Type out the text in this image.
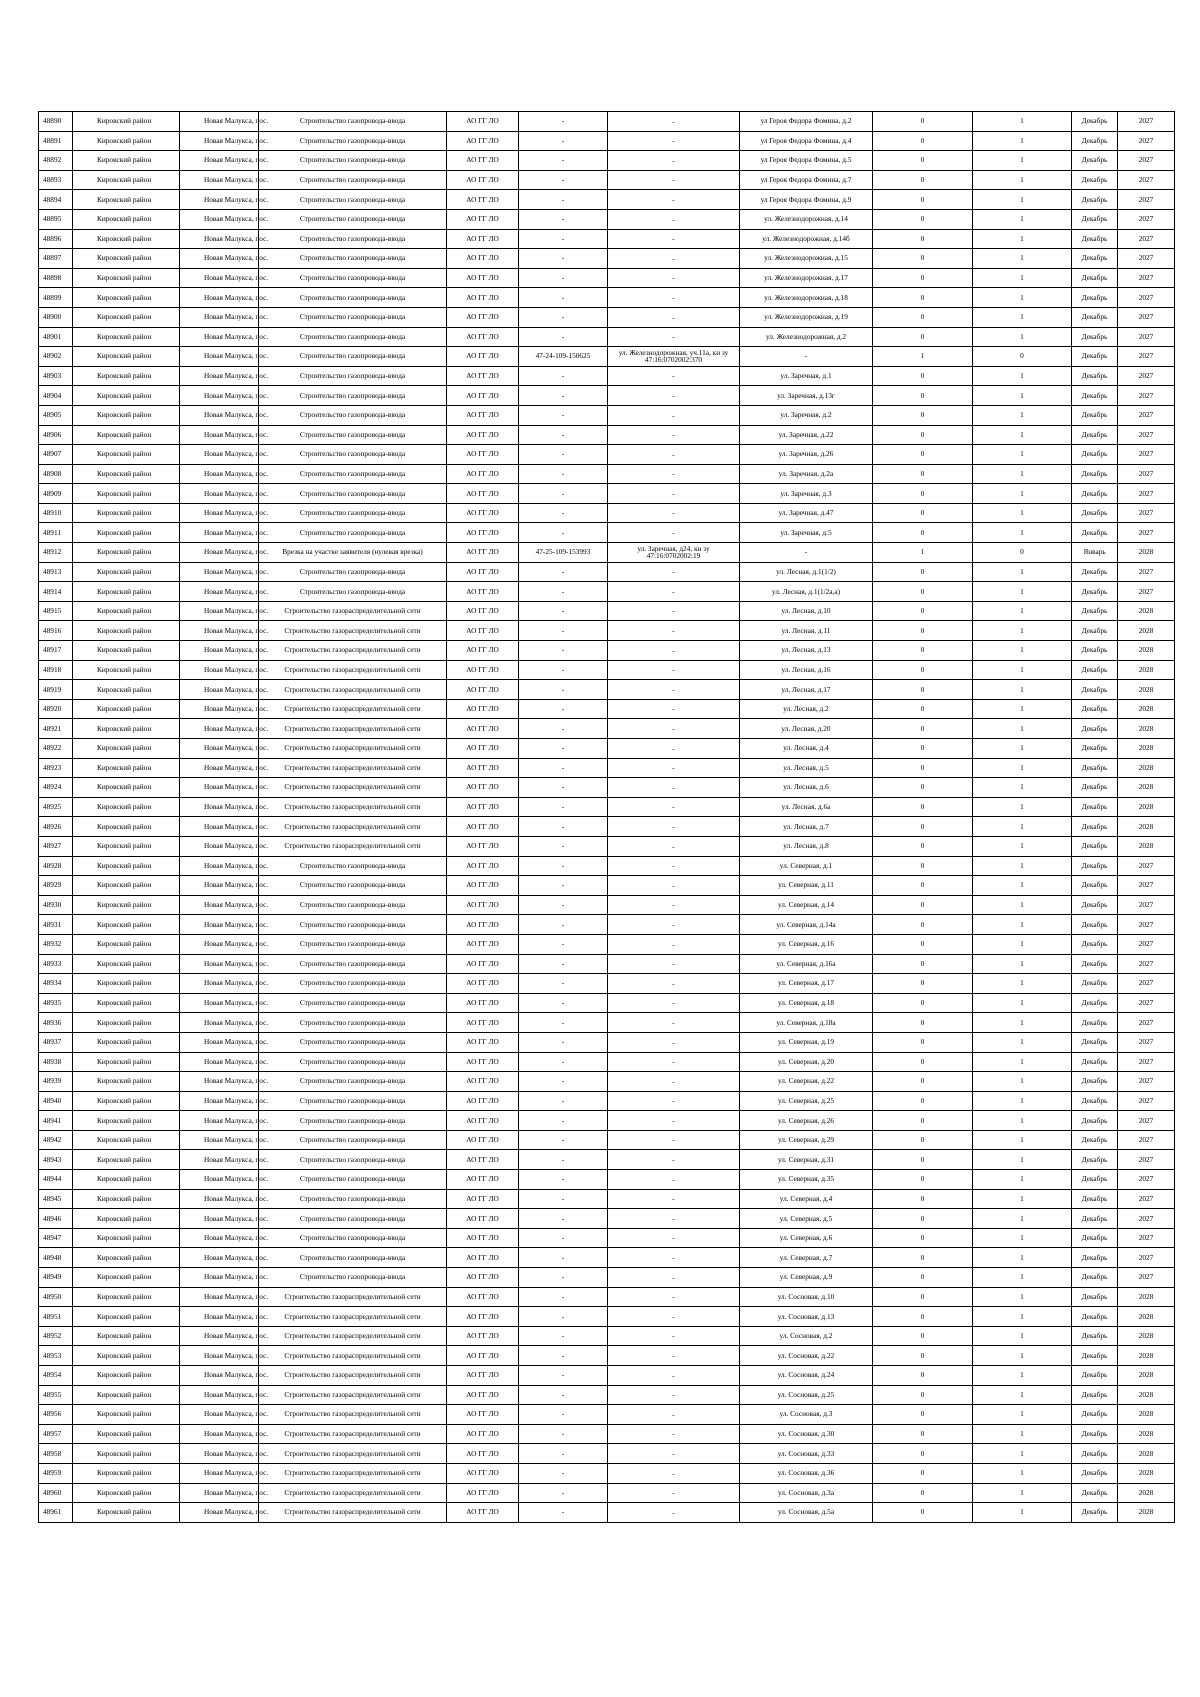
48890	Кировский район	Новая Малукса, пос.	Строительство газопровода-ввода	АО ГГ ЛО	-	-	ул Героя Федора Фомина, д.2	0	1	Декабрь	2027
48891	Кировский район	Новая Малукса, пос.	Строительство газопровода-ввода	АО ГГ ЛО	-	-	ул Героя Федора Фомина, д.4	0	1	Декабрь	2027
48892	Кировский район	Новая Малукса, пос.	Строительство газопровода-ввода	АО ГГ ЛО	-	-	ул Героя Федора Фомина, д.5	0	1	Декабрь	2027
48893	Кировский район	Новая Малукса, пос.	Строительство газопровода-ввода	АО ГГ ЛО	-	-	ул Героя Федора Фомина, д.7	0	1	Декабрь	2027
48894	Кировский район	Новая Малукса, пос.	Строительство газопровода-ввода	АО ГГ ЛО	-	-	ул Героя Федора Фомина, д.9	0	1	Декабрь	2027
48895	Кировский район	Новая Малукса, пос.	Строительство газопровода-ввода	АО ГГ ЛО	-	-	ул. Железнодорожная, д.14	0	1	Декабрь	2027
48896	Кировский район	Новая Малукса, пос.	Строительство газопровода-ввода	АО ГГ ЛО	-	-	ул. Железнодорожная, д.14б	0	1	Декабрь	2027
48897	Кировский район	Новая Малукса, пос.	Строительство газопровода-ввода	АО ГГ ЛО	-	-	ул. Железнодорожная, д.15	0	1	Декабрь	2027
48898	Кировский район	Новая Малукса, пос.	Строительство газопровода-ввода	АО ГГ ЛО	-	-	ул. Железнодорожная, д.17	0	1	Декабрь	2027
48899	Кировский район	Новая Малукса, пос.	Строительство газопровода-ввода	АО ГГ ЛО	-	-	ул. Железнодорожная, д.18	0	1	Декабрь	2027
48900	Кировский район	Новая Малукса, пос.	Строительство газопровода-ввода	АО ГГ ЛО	-	-	ул. Железнодорожная, д.19	0	1	Декабрь	2027
48901	Кировский район	Новая Малукса, пос.	Строительство газопровода-ввода	АО ГГ ЛО	-	-	ул. Железнодорожная, д.2	0	1	Декабрь	2027
48902	Кировский район	Новая Малукса, пос.	Строительство газопровода-ввода	АО ГГ ЛО	47-24-109-150625	ул. Железнодорожная, уч.11а, кн зу 47:16:0702002:370	-	1	0	Декабрь	2027
48903	Кировский район	Новая Малукса, пос.	Строительство газопровода-ввода	АО ГГ ЛО	-	-	ул. Заречная, д.1	0	1	Декабрь	2027
48904	Кировский район	Новая Малукса, пос.	Строительство газопровода-ввода	АО ГГ ЛО	-	-	ул. Заречная, д.13г	0	1	Декабрь	2027
48905	Кировский район	Новая Малукса, пос.	Строительство газопровода-ввода	АО ГГ ЛО	-	-	ул. Заречная, д.2	0	1	Декабрь	2027
48906	Кировский район	Новая Малукса, пос.	Строительство газопровода-ввода	АО ГГ ЛО	-	-	ул. Заречная, д.22	0	1	Декабрь	2027
48907	Кировский район	Новая Малукса, пос.	Строительство газопровода-ввода	АО ГГ ЛО	-	-	ул. Заречная, д.26	0	1	Декабрь	2027
48908	Кировский район	Новая Малукса, пос.	Строительство газопровода-ввода	АО ГГ ЛО	-	-	ул. Заречная, д.2а	0	1	Декабрь	2027
48909	Кировский район	Новая Малукса, пос.	Строительство газопровода-ввода	АО ГГ ЛО	-	-	ул. Заречная, д.3	0	1	Декабрь	2027
48910	Кировский район	Новая Малукса, пос.	Строительство газопровода-ввода	АО ГГ ЛО	-	-	ул. Заречная, д.47	0	1	Декабрь	2027
48911	Кировский район	Новая Малукса, пос.	Строительство газопровода-ввода	АО ГГ ЛО	-	-	ул. Заречная, д.5	0	1	Декабрь	2027
48912	Кировский район	Новая Малукса, пос.	Врезка на участке заявителя (нулевая врезка)	АО ГГ ЛО	47-25-109-153993	ул. Заречная, д24, кн зу 47:16:0702002:19	-	1	0	Январь	2028
48913	Кировский район	Новая Малукса, пос.	Строительство газопровода-ввода	АО ГГ ЛО	-	-	ул. Лесная, д.1(1/2)	0	1	Декабрь	2027
48914	Кировский район	Новая Малукса, пос.	Строительство газопровода-ввода	АО ГГ ЛО	-	-	ул. Лесная, д.1(1/2а,а)	0	1	Декабрь	2027
48915	Кировский район	Новая Малукса, пос.	Строительство газораспределительной сети	АО ГГ ЛО	-	-	ул. Лесная, д.10	0	1	Декабрь	2028
48916	Кировский район	Новая Малукса, пос.	Строительство газораспределительной сети	АО ГГ ЛО	-	-	ул. Лесная, д.11	0	1	Декабрь	2028
48917	Кировский район	Новая Малукса, пос.	Строительство газораспределительной сети	АО ГГ ЛО	-	-	ул. Лесная, д.13	0	1	Декабрь	2028
48918	Кировский район	Новая Малукса, пос.	Строительство газораспределительной сети	АО ГГ ЛО	-	-	ул. Лесная, д.16	0	1	Декабрь	2028
48919	Кировский район	Новая Малукса, пос.	Строительство газораспределительной сети	АО ГГ ЛО	-	-	ул. Лесная, д.17	0	1	Декабрь	2028
48920	Кировский район	Новая Малукса, пос.	Строительство газораспределительной сети	АО ГГ ЛО	-	-	ул. Лесная, д.2	0	1	Декабрь	2028
48921	Кировский район	Новая Малукса, пос.	Строительство газораспределительной сети	АО ГГ ЛО	-	-	ул. Лесная, д.20	0	1	Декабрь	2028
48922	Кировский район	Новая Малукса, пос.	Строительство газораспределительной сети	АО ГГ ЛО	-	-	ул. Лесная, д.4	0	1	Декабрь	2028
48923	Кировский район	Новая Малукса, пос.	Строительство газораспределительной сети	АО ГГ ЛО	-	-	ул. Лесная, д.5	0	1	Декабрь	2028
48924	Кировский район	Новая Малукса, пос.	Строительство газораспределительной сети	АО ГГ ЛО	-	-	ул. Лесная, д.6	0	1	Декабрь	2028
48925	Кировский район	Новая Малукса, пос.	Строительство газораспределительной сети	АО ГГ ЛО	-	-	ул. Лесная, д.6а	0	1	Декабрь	2028
48926	Кировский район	Новая Малукса, пос.	Строительство газораспределительной сети	АО ГГ ЛО	-	-	ул. Лесная, д.7	0	1	Декабрь	2028
48927	Кировский район	Новая Малукса, пос.	Строительство газораспределительной сети	АО ГГ ЛО	-	-	ул. Лесная, д.8	0	1	Декабрь	2028
48928	Кировский район	Новая Малукса, пос.	Строительство газопровода-ввода	АО ГГ ЛО	-	-	ул. Северная, д.1	0	1	Декабрь	2027
48929	Кировский район	Новая Малукса, пос.	Строительство газопровода-ввода	АО ГГ ЛО	-	-	ул. Северная, д.11	0	1	Декабрь	2027
48930	Кировский район	Новая Малукса, пос.	Строительство газопровода-ввода	АО ГГ ЛО	-	-	ул. Северная, д.14	0	1	Декабрь	2027
48931	Кировский район	Новая Малукса, пос.	Строительство газопровода-ввода	АО ГГ ЛО	-	-	ул. Северная, д.14а	0	1	Декабрь	2027
48932	Кировский район	Новая Малукса, пос.	Строительство газопровода-ввода	АО ГГ ЛО	-	-	ул. Северная, д.16	0	1	Декабрь	2027
48933	Кировский район	Новая Малукса, пос.	Строительство газопровода-ввода	АО ГГ ЛО	-	-	ул. Северная, д.16а	0	1	Декабрь	2027
48934	Кировский район	Новая Малукса, пос.	Строительство газопровода-ввода	АО ГГ ЛО	-	-	ул. Северная, д.17	0	1	Декабрь	2027
48935	Кировский район	Новая Малукса, пос.	Строительство газопровода-ввода	АО ГГ ЛО	-	-	ул. Северная, д.18	0	1	Декабрь	2027
48936	Кировский район	Новая Малукса, пос.	Строительство газопровода-ввода	АО ГГ ЛО	-	-	ул. Северная, д.18а	0	1	Декабрь	2027
48937	Кировский район	Новая Малукса, пос.	Строительство газопровода-ввода	АО ГГ ЛО	-	-	ул. Северная, д.19	0	1	Декабрь	2027
48938	Кировский район	Новая Малукса, пос.	Строительство газопровода-ввода	АО ГГ ЛО	-	-	ул. Северная, д.20	0	1	Декабрь	2027
48939	Кировский район	Новая Малукса, пос.	Строительство газопровода-ввода	АО ГГ ЛО	-	-	ул. Северная, д.22	0	1	Декабрь	2027
48940	Кировский район	Новая Малукса, пос.	Строительство газопровода-ввода	АО ГГ ЛО	-	-	ул. Северная, д.25	0	1	Декабрь	2027
48941	Кировский район	Новая Малукса, пос.	Строительство газопровода-ввода	АО ГГ ЛО	-	-	ул. Северная, д.26	0	1	Декабрь	2027
48942	Кировский район	Новая Малукса, пос.	Строительство газопровода-ввода	АО ГГ ЛО	-	-	ул. Северная, д.29	0	1	Декабрь	2027
48943	Кировский район	Новая Малукса, пос.	Строительство газопровода-ввода	АО ГГ ЛО	-	-	ул. Северная, д.31	0	1	Декабрь	2027
48944	Кировский район	Новая Малукса, пос.	Строительство газопровода-ввода	АО ГГ ЛО	-	-	ул. Северная, д.35	0	1	Декабрь	2027
48945	Кировский район	Новая Малукса, пос.	Строительство газопровода-ввода	АО ГГ ЛО	-	-	ул. Северная, д.4	0	1	Декабрь	2027
48946	Кировский район	Новая Малукса, пос.	Строительство газопровода-ввода	АО ГГ ЛО	-	-	ул. Северная, д.5	0	1	Декабрь	2027
48947	Кировский район	Новая Малукса, пос.	Строительство газопровода-ввода	АО ГГ ЛО	-	-	ул. Северная, д.6	0	1	Декабрь	2027
48948	Кировский район	Новая Малукса, пос.	Строительство газопровода-ввода	АО ГГ ЛО	-	-	ул. Северная, д.7	0	1	Декабрь	2027
48949	Кировский район	Новая Малукса, пос.	Строительство газопровода-ввода	АО ГГ ЛО	-	-	ул. Северная, д.9	0	1	Декабрь	2027
48950	Кировский район	Новая Малукса, пос.	Строительство газораспределительной сети	АО ГГ ЛО	-	-	ул. Сосновая, д.10	0	1	Декабрь	2028
48951	Кировский район	Новая Малукса, пос.	Строительство газораспределительной сети	АО ГГ ЛО	-	-	ул. Сосновая, д.13	0	1	Декабрь	2028
48952	Кировский район	Новая Малукса, пос.	Строительство газораспределительной сети	АО ГГ ЛО	-	-	ул. Сосновая, д.2	0	1	Декабрь	2028
48953	Кировский район	Новая Малукса, пос.	Строительство газораспределительной сети	АО ГГ ЛО	-	-	ул. Сосновая, д.22	0	1	Декабрь	2028
48954	Кировский район	Новая Малукса, пос.	Строительство газораспределительной сети	АО ГГ ЛО	-	-	ул. Сосновая, д.24	0	1	Декабрь	2028
48955	Кировский район	Новая Малукса, пос.	Строительство газораспределительной сети	АО ГГ ЛО	-	-	ул. Сосновая, д.25	0	1	Декабрь	2028
48956	Кировский район	Новая Малукса, пос.	Строительство газораспределительной сети	АО ГГ ЛО	-	-	ул. Сосновая, д.3	0	1	Декабрь	2028
48957	Кировский район	Новая Малукса, пос.	Строительство газораспределительной сети	АО ГГ ЛО	-	-	ул. Сосновая, д.30	0	1	Декабрь	2028
48958	Кировский район	Новая Малукса, пос.	Строительство газораспределительной сети	АО ГГ ЛО	-	-	ул. Сосновая, д.33	0	1	Декабрь	2028
48959	Кировский район	Новая Малукса, пос.	Строительство газораспределительной сети	АО ГГ ЛО	-	-	ул. Сосновая, д.36	0	1	Декабрь	2028
48960	Кировский район	Новая Малукса, пос.	Строительство газораспределительной сети	АО ГГ ЛО	-	-	ул. Сосновая, д.3а	0	1	Декабрь	2028
48961	Кировский район	Новая Малукса, пос.	Строительство газораспределительной сети	АО ГГ ЛО	-	-	ул. Сосновая, д.5а	0	1	Декабрь	2028
